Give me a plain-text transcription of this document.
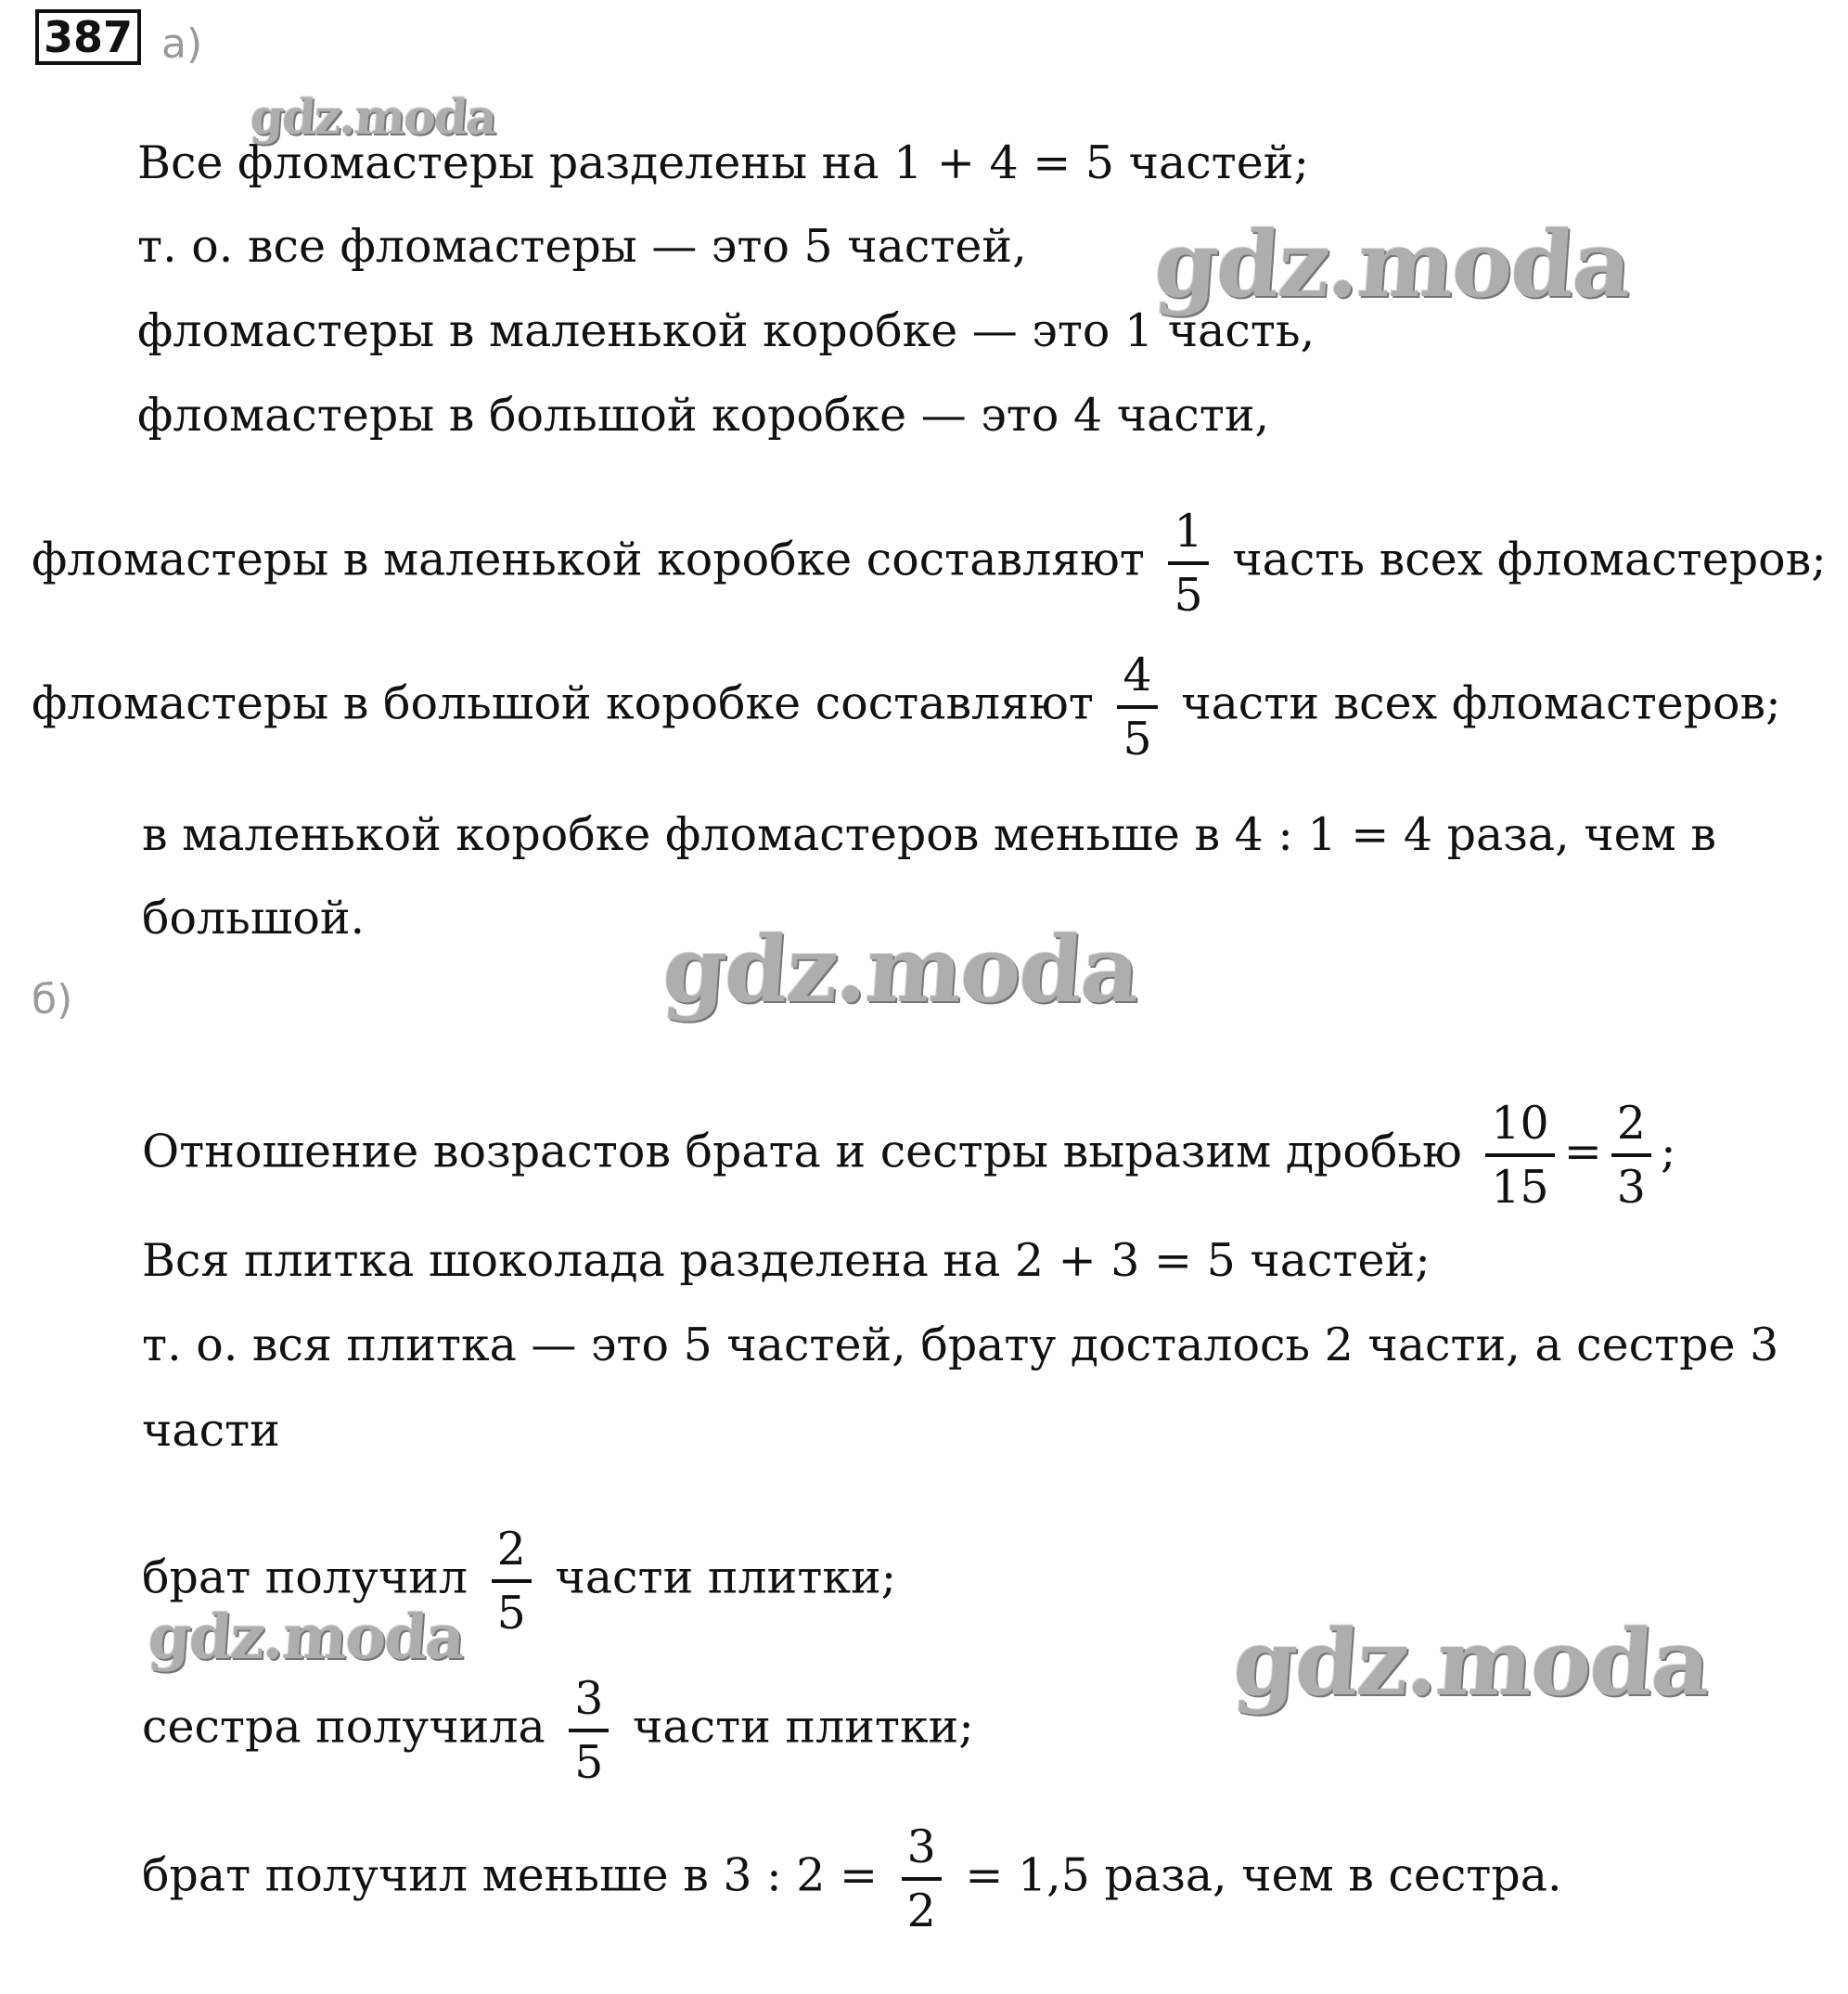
387 а)
Все фломастеры разделены на 1 + 4 = 5 частей;
т. о. все фломастеры — это 5 частей,
фломастеры в маленькой коробке — это 1 часть,
фломастеры в большой коробке — это 4 части,
фломастеры в маленькой коробке составляют $\frac{1}{5}$ часть всех фломастеров;
фломастеры в большой коробке составляют $\frac{4}{5}$ части всех фломастеров;
в маленькой коробке фломастеров меньше в 4 : 1 = 4 раза, чем в
большой.
б)
Отношение возрастов брата и сестры выразим дробью $\frac{10}{15} = \frac{2}{3}$ ;
Вся плитка шоколада разделена на 2 + 3 = 5 частей;
т. о. вся плитка — это 5 частей, брату досталось 2 части, а сестре 3
части
брат получил $\frac{2}{5}$ части плитки;
сестра получила $\frac{3}{5}$ части плитки;
брат получил меньше в 3 : $2 = \frac{3}{2} = 1,5$ раза, чем в сестра.
gdz.moda
gdz.moda
gdz.moda
gdz.moda	gdz.moda
